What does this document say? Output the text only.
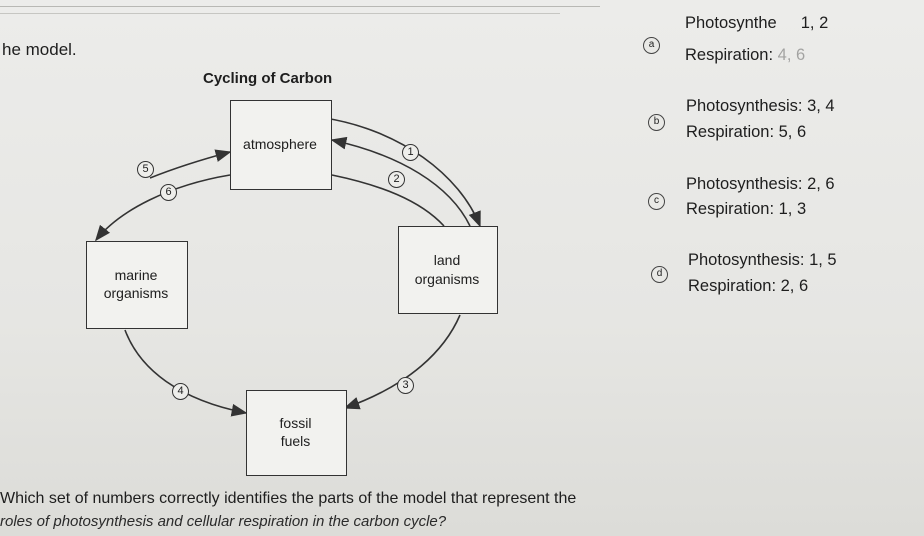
he model.
Cycling of Carbon
atmosphere
marine
organisms
land
organisms
fossil
fuels
1
2
3
4
5
6
a
Photosynthe 1, 2
Respiration: 4, 6
b
Photosynthesis: 3, 4
Respiration: 5, 6
c
Photosynthesis: 2, 6
Respiration: 1, 3
d
Photosynthesis: 1, 5
Respiration: 2, 6
Which set of numbers correctly identifies the parts of the model that represent the
roles of photosynthesis and cellular respiration in the carbon cycle?
